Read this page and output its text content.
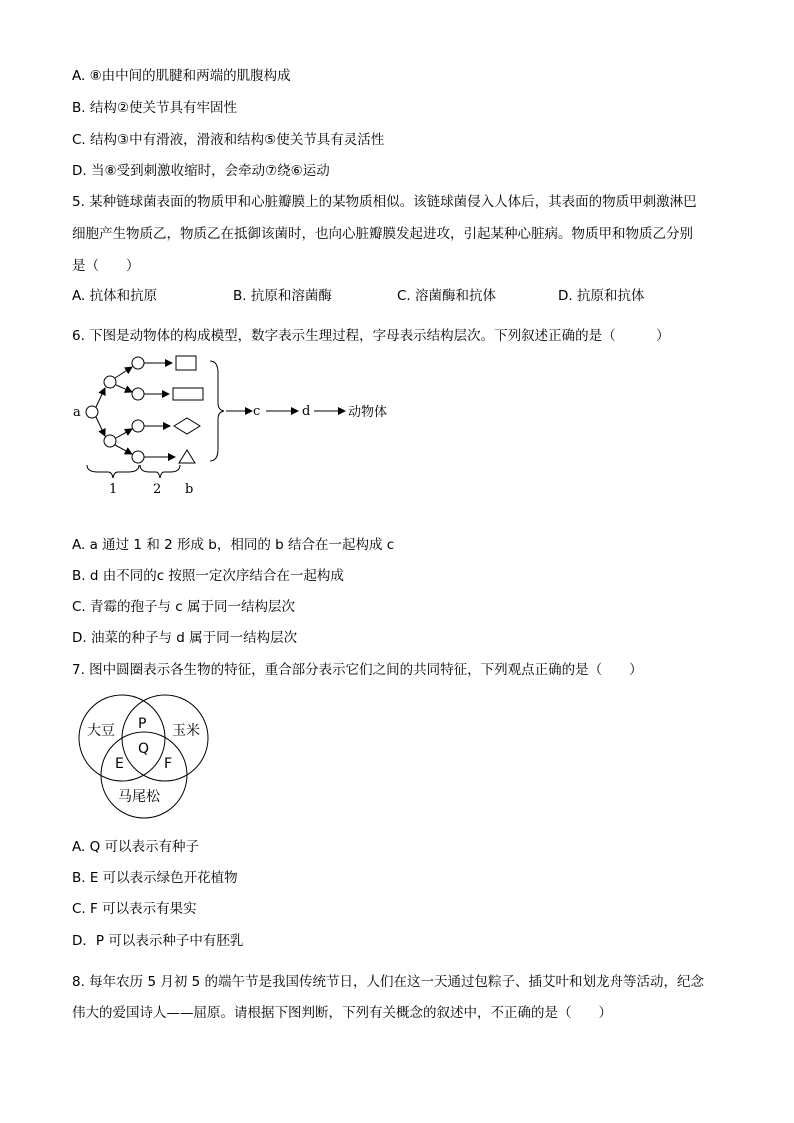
A. ⑧由中间的肌腱和两端的肌腹构成
B. 结构②使关节具有牢固性
C. 结构③中有滑液，滑液和结构⑤使关节具有灵活性
D. 当⑧受到刺激收缩时，会牵动⑦绕⑥运动
5. 某种链球菌表面的物质甲和心脏瓣膜上的某物质相似。该链球菌侵入人体后，其表面的物质甲刺激淋巴
细胞产生物质乙，物质乙在抵御该菌时，也向心脏瓣膜发起进攻，引起某种心脏病。物质甲和物质乙分别
是（　　）
A. 抗体和抗原	B. 抗原和溶菌酶	C. 溶菌酶和抗体	D. 抗原和抗体
6. 下图是动物体的构成模型，数字表示生理过程，字母表示结构层次。下列叙述正确的是（　　　）
a	c	d	动物体
1	2 b
A. a 通过 1 和 2 形成 b，相同的 b 结合在一起构成 c
B. d 由不同的c 按照一定次序结合在一起构成
C. 青霉的孢子与 c 属于同一结构层次
D. 油菜的种子与 d 属于同一结构层次
7. 图中圆圈表示各生物的特征，重合部分表示它们之间的共同特征，下列观点正确的是（　　）
大豆	玉米
马尾松
P
Q
E	F
A. Q 可以表示有种子
B. E 可以表示绿色开花植物
C. F 可以表示有果实
D．P 可以表示种子中有胚乳
8. 每年农历 5 月初 5 的端午节是我国传统节日，人们在这一天通过包粽子、插艾叶和划龙舟等活动，纪念
伟大的爱国诗人——屈原。请根据下图判断，下列有关概念的叙述中，不正确的是（　　）
